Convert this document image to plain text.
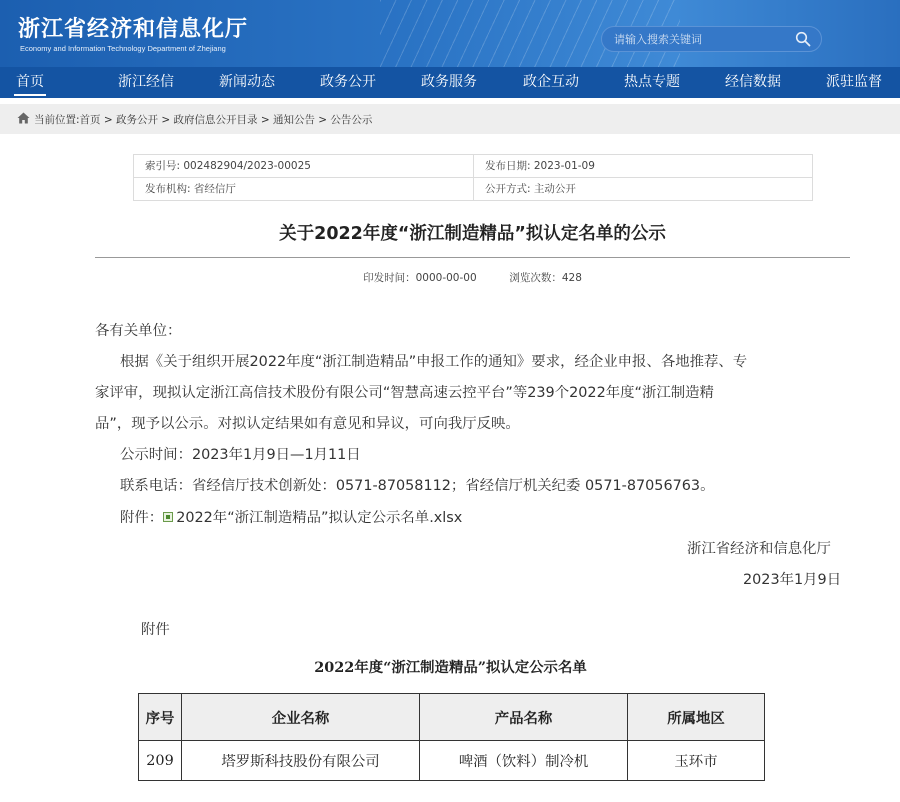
浙江省经济和信息化厅
Economy and Information Technology Department of Zhejiang
请输入搜索关键词
首页	浙江经信	新闻动态	政务公开	政务服务	政企互动	热点专题	经信数据	派驻监督
当前位置:首页 > 政务公开 > 政府信息公开目录 > 通知公告 > 公告公示
索引号: 002482904/2023-00025	发布日期: 2023-01-09
发布机构: 省经信厅	公开方式: 主动公开
关于2022年度“浙江制造精品”拟认定名单的公示
印发时间：0000-00-00	浏览次数：428
各有关单位：
根据《关于组织开展2022年度“浙江制造精品”申报工作的通知》要求，经企业申报、各地推荐、专
家评审，现拟认定浙江高信技术股份有限公司“智慧高速云控平台”等239个2022年度“浙江制造精
品”，现予以公示。对拟认定结果如有意见和异议，可向我厅反映。
公示时间：2023年1月9日—1月11日
联系电话：省经信厅技术创新处：0571-87058112；省经信厅机关纪委 0571-87056763。
附件： 2022年“浙江制造精品”拟认定公示名单.xlsx
浙江省经济和信息化厅
2023年1月9日
附件
2022年度“浙江制造精品”拟认定公示名单
序号	企业名称	产品名称	所属地区
209	塔罗斯科技股份有限公司	啤酒（饮料）制冷机	玉环市
